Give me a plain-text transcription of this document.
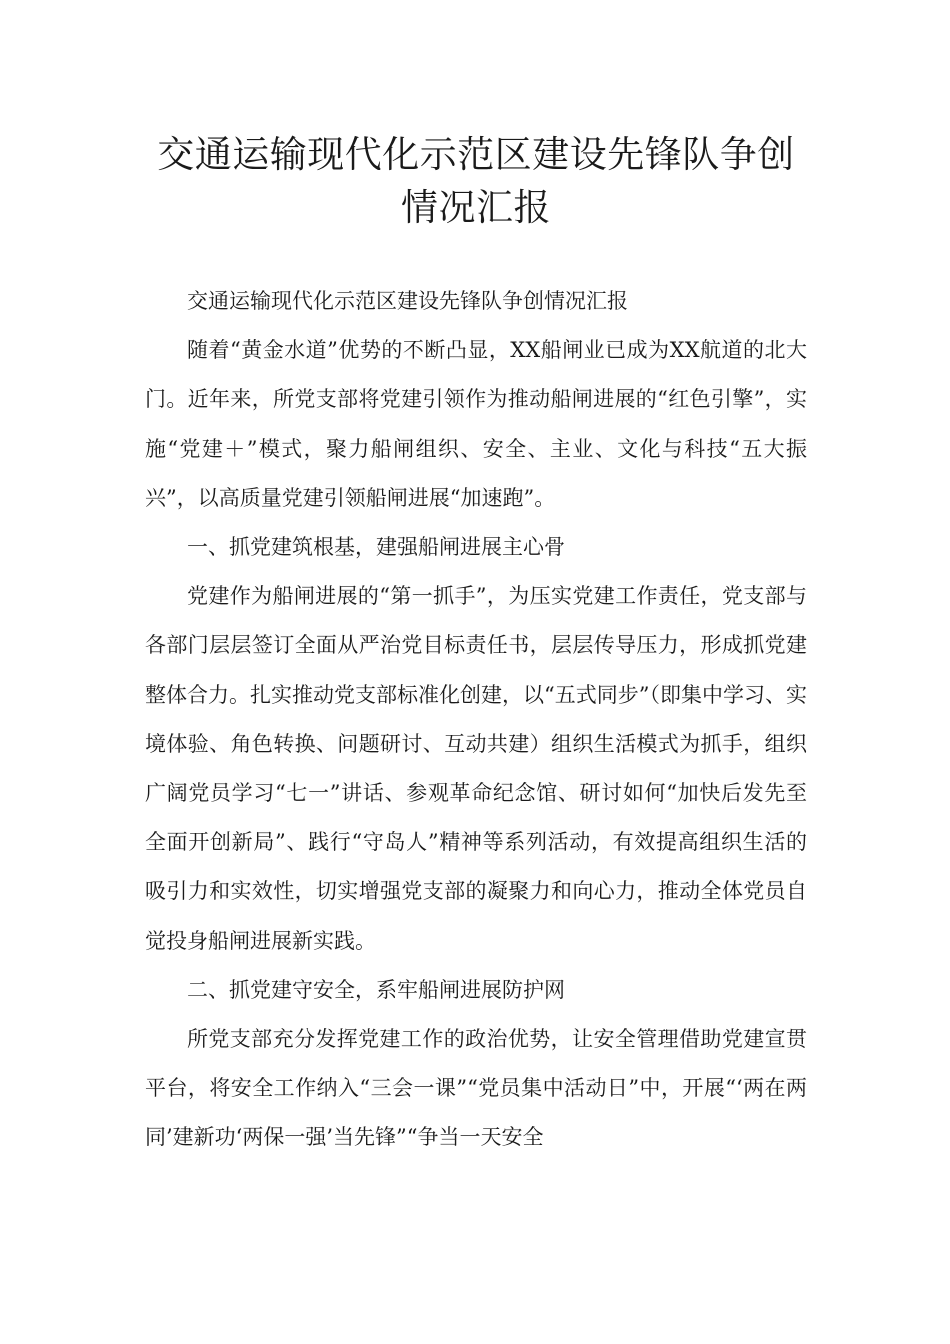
交通运输现代化示范区建设先锋队争创
情况汇报

交通运输现代化示范区建设先锋队争创情况汇报

随着“黄金水道”优势的不断凸显，XX船闸业已成为XX航道的北大门。近年来，所党支部将党建引领作为推动船闸进展的“红色引擎”，实施“党建＋”模式，聚力船闸组织、安全、主业、文化与科技“五大振兴”，以高质量党建引领船闸进展“加速跑”。

一、抓党建筑根基，建强船闸进展主心骨

党建作为船闸进展的“第一抓手”，为压实党建工作责任，党支部与各部门层层签订全面从严治党目标责任书，层层传导压力，形成抓党建整体合力。扎实推动党支部标准化创建，以“五式同步”（即集中学习、实境体验、角色转换、问题研讨、互动共建）组织生活模式为抓手，组织广阔党员学习“七一”讲话、参观革命纪念馆、研讨如何“加快后发先至全面开创新局”、践行“守岛人”精神等系列活动，有效提高组织生活的吸引力和实效性，切实增强党支部的凝聚力和向心力，推动全体党员自觉投身船闸进展新实践。

二、抓党建守安全，系牢船闸进展防护网

所党支部充分发挥党建工作的政治优势，让安全管理借助党建宣贯平台，将安全工作纳入“三会一课”“党员集中活动日”中，开展“‘两在两同’建新功‘两保一强’当先锋”“争当一天安全
